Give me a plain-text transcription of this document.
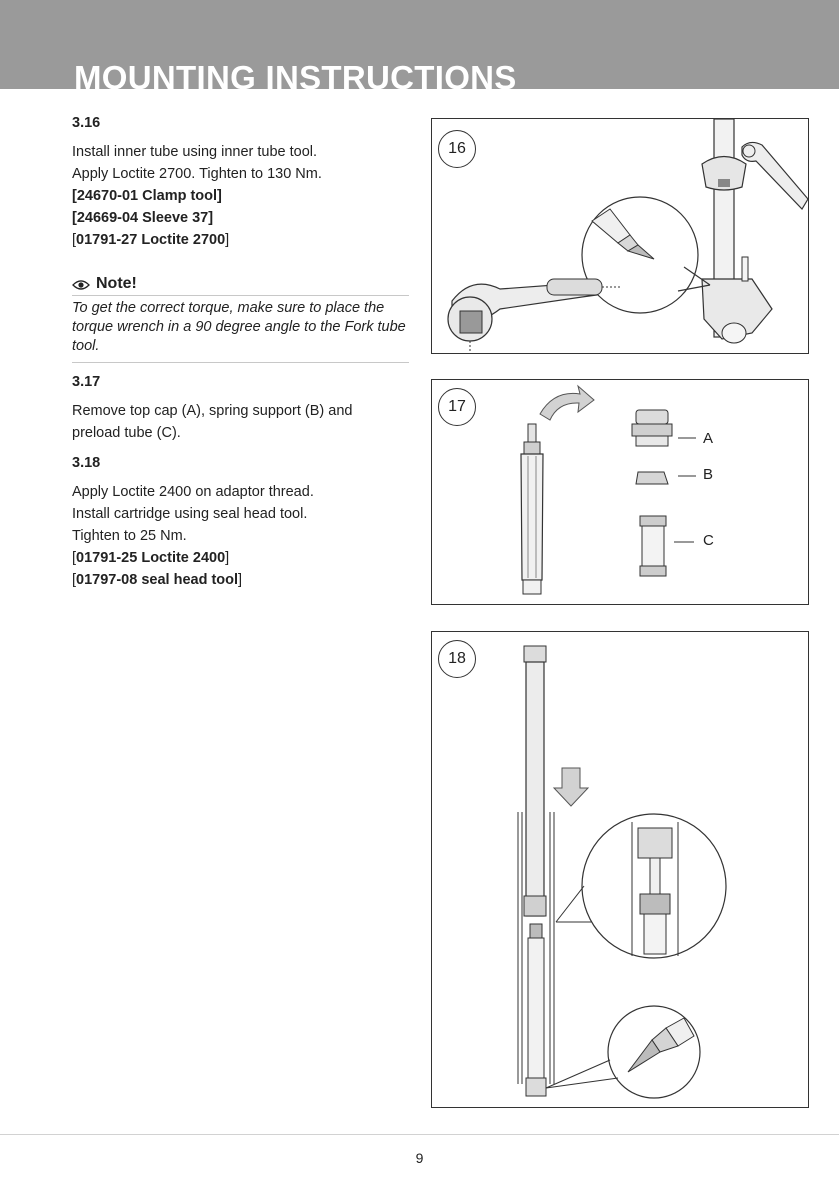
MOUNTING INSTRUCTIONS
3.16

Install inner tube using inner tube tool.

Apply Loctite 2700. Tighten to 130 Nm.

[24670-01 Clamp tool]

[24669-04 Sleeve 37]

[01791-27 Loctite 2700]

Note!

To get the correct torque, make sure to place the torque wrench in a 90 degree angle to the Fork tube tool.

3.17

Remove top cap (A), spring support (B) and

preload tube (C).

3.18

Apply Loctite 2400 on adaptor thread.

Install cartridge using seal head tool.

Tighten to 25 Nm.

[01791-25 Loctite 2400]

[01797-08 seal head tool]

16
17
A
B
C
18
9
